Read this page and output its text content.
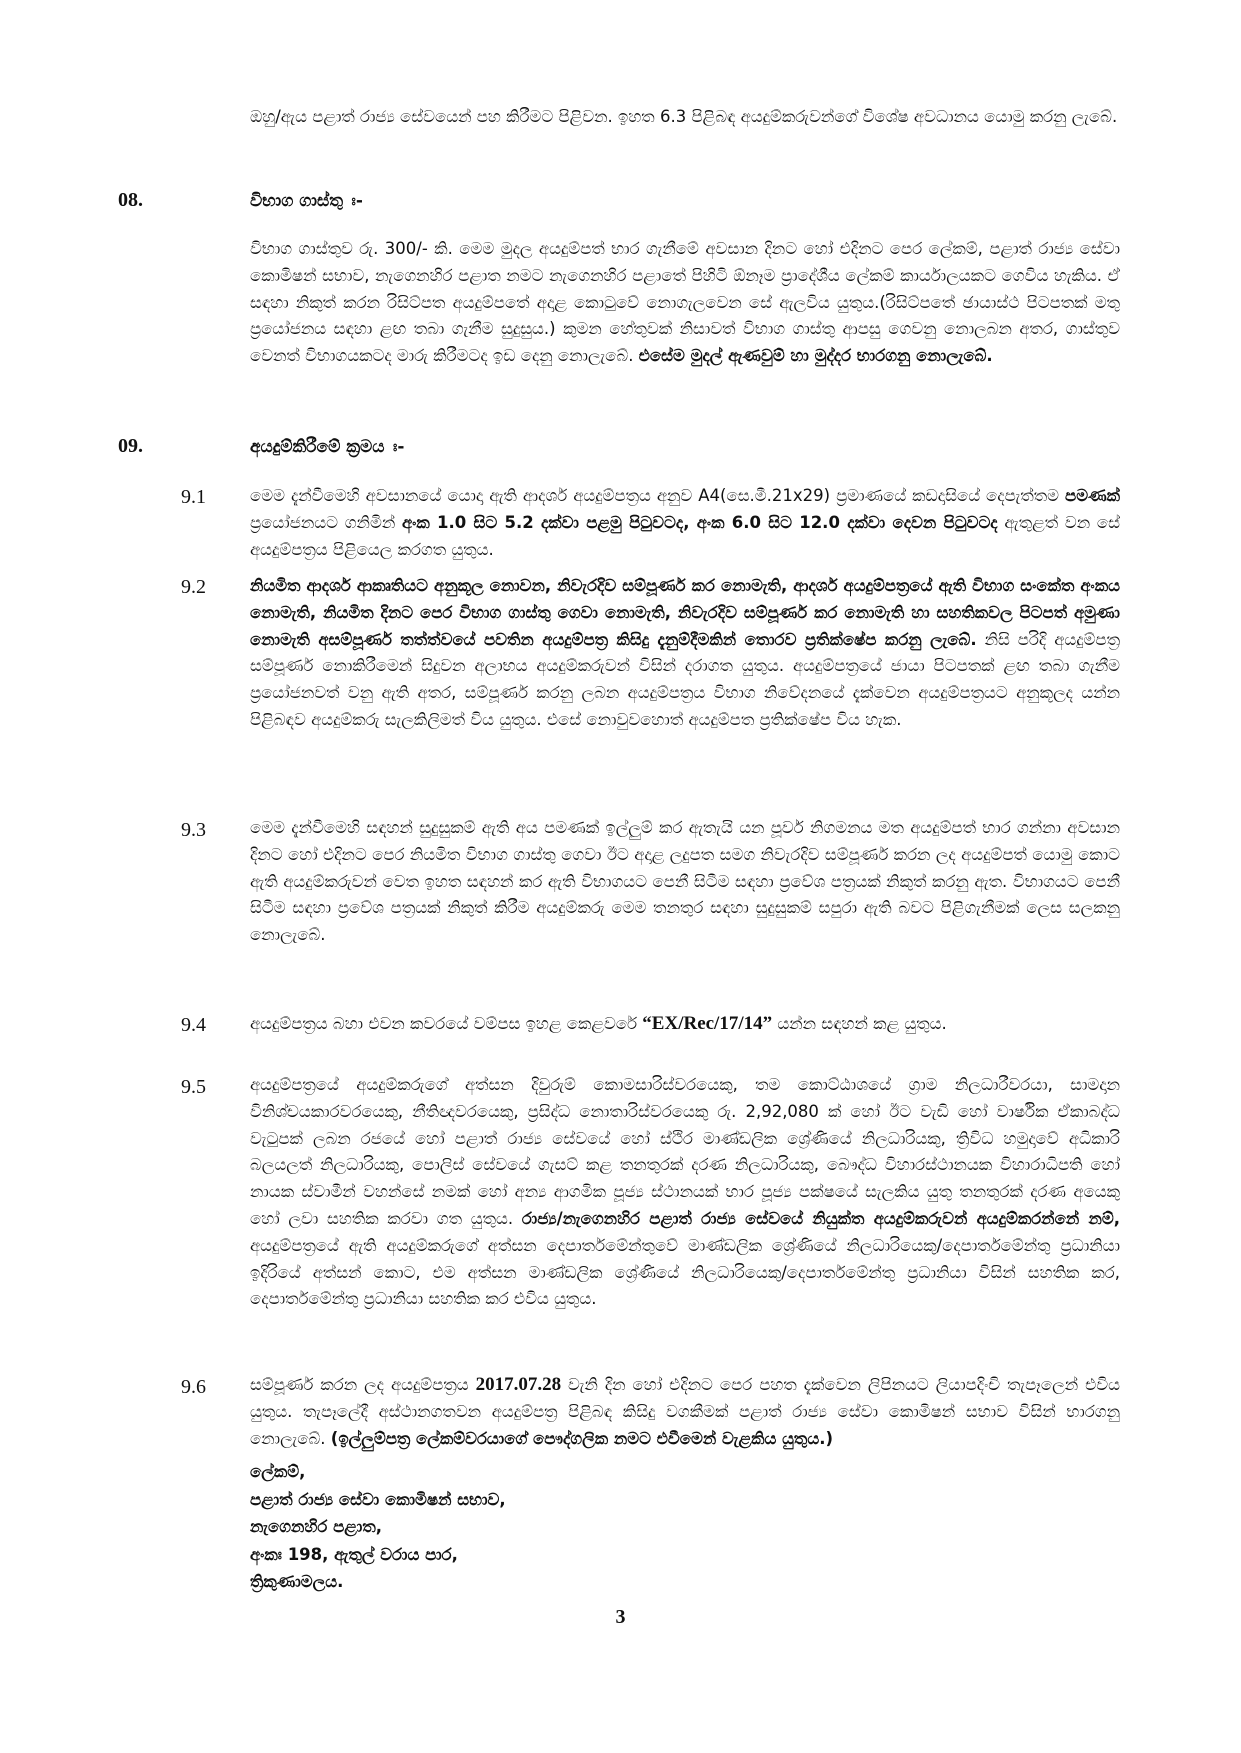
ඔහු/ඇය පළාත් රාජ්‍ය සේවයෙන් පහ කිරීමට පිළිවන. ඉහත 6.3 පිළිබඳ අයදුම්කරුවන්ගේ විශේෂ අවධානය යොමු කරනු ලැබේ.

08.	විභාග ගාස්තු ඃ-

විභාග ගාස්තුව රු. 300/- කි. මෙම මුදල අයදුම්පත් භාර ගැනීමේ අවසාන දිනට හෝ එදිනට පෙර ලේකම්, පළාත් රාජ්‍ය සේවා කොමිෂන් සභාව, නැගෙනහිර පළාත නමට නැගෙනහිර පළාතේ පිහිටි ඕනෑම ප්‍රාදේශීය ලේකම් කාර්යාලයකට ගෙවිය හැකිය. ඒ සඳහා නිකුත් කරන රිසිට්පත අයදුම්පතේ අදාළ කොටුවේ නොගැලවෙන සේ ඇලවිය යුතුය.(රිසිට්පතේ ඡායාස්ථ පිටපතක් මතු ප්‍රයෝජනය සඳහා ළඟ තබා ගැනීම සුදුසුය.) කුමන හේතුවක් නිසාවත් විභාග ගාස්තු ආපසු ගෙවනු නොලබන අතර, ගාස්තුව වෙනත් විභාගයකටද මාරු කිරීමටද ඉඩ දෙනු නොලැබේ. එසේම මුදල් ඇණවුම් හා මුද්දර භාරගනු නොලැබේ.

09.	අයදුම්කිරීමේ ක්‍රමය ඃ-

9.1	මෙම දැන්වීමෙහි අවසානයේ යොදා ඇති ආදර්ශ අයදුම්පත්‍රය අනුව A4(සෙ.මී.21x29) ප්‍රමාණයේ කඩදාසියේ දෙපැත්තම පමණක් ප්‍රයෝජනයට ගනිමින් අංක 1.0 සිට 5.2 දක්වා පළමු පිටුවටද, අංක 6.0 සිට 12.0 දක්වා දෙවන පිටුවටද ඇතුළත් වන සේ අයදුම්පත්‍රය පිළියෙල කරගත යුතුය.

9.2	නියමිත ආදර්ශ ආකෘතියට අනුකූල නොවන, නිවැරදිව සම්පූර්ණ කර නොමැති, ආදර්ශ අයදුම්පත්‍රයේ ඇති විභාග සංකේත අංකය නොමැති, නියමිත දිනට පෙර විභාග ගාස්තු ගෙවා නොමැති, නිවැරදිව සම්පූර්ණ කර නොමැති හා සහතිකවල පිටපත් අමුණා නොමැති අසම්පූර්ණ තත්ත්වයේ පවතින අයදුම්පත්‍ර කිසිදු දැනුම්දීමකින් තොරව ප්‍රතික්ෂේප කරනු ලැබේ. නිසි පරිදි අයදුම්පත්‍ර සම්පූර්ණ නොකිරීමෙන් සිදුවන අලාභය අයදුම්කරුවන් විසින් දරාගත යුතුය. අයදුම්පත්‍රයේ ජායා පිටපතක් ළඟ තබා ගැනීම ප්‍රයෝජනවත් වනු ඇති අතර, සම්පූර්ණ කරනු ලබන අයදුම්පත්‍රය විභාග නිවේදනයේ දැක්වෙන අයදුම්පත්‍රයට අනුකූලද යන්න පිළිබඳව අයදුම්කරු සැලකිලිමත් විය යුතුය. එසේ නොවුවහොත් අයදුම්පත ප්‍රතික්ෂේප විය හැක.

9.3	මෙම දැන්වීමෙහි සඳහන් සුදුසුකම් ඇති අය පමණක් ඉල්ලුම් කර ඇතැයි යන පූර්ව නිගමනය මත අයදුම්පත් භාර ගන්නා අවසාන දිනට හෝ එදිනට පෙර නියමිත විභාග ගාස්තු ගෙවා ඊට අදාළ ලදුපත සමග නිවැරදිව සම්පූර්ණ කරන ලද අයදුම්පත් යොමු කොට ඇති අයදුම්කරුවන් වෙත ඉහත සඳහන් කර ඇති විභාගයට පෙනී සිටීම සඳහා ප්‍රවේශ පත්‍රයක් නිකුත් කරනු ඇත. විභාගයට පෙනී සිටීම සඳහා ප්‍රවේශ පත්‍රයක් නිකුත් කිරීම අයදුම්කරු මෙම තනතුර සඳහා සුදුසුකම් සපුරා ඇති බවට පිළිගැනීමක් ලෙස සලකනු නොලැබේ.

9.4	අයදුම්පත්‍රය බහා එවන කවරයේ වම්පස ඉහළ කෙළවරේ “EX/Rec/17/14” යන්න සඳහන් කළ යුතුය.

9.5	අයදුම්පත්‍රයේ අයදුම්කරුගේ අත්සන දිවුරුම් කොමසාරිස්වරයෙකු, තම කොට්ඨාශයේ ග්‍රාම නිලධාරීවරයා, සාමදාන විනිශ්චයකාරවරයෙකු, නීතිඥවරයෙකු, ප්‍රසිද්ධ නොතාරිස්වරයෙකු රු. 2,92,080 ක් හෝ ඊට වැඩි හෝ වාර්ෂික ඒකාබද්ධ වැටුපක් ලබන රජයේ හෝ පළාත් රාජ්‍ය සේවයේ හෝ ස්ථිර මාණ්ඩලික ශ්‍රේණියේ නිලධාරියකු, ත්‍රිවිධ හමුදාවේ අධිකාරි බලයලත් නිලධාරියකු, පොලිස් සේවයේ ගැසට් කළ තනතුරක් දරණ නිලධාරියකු, බෞද්ධ විහාරස්ථානයක විහාරාධිපති හෝ නායක ස්වාමීන් වහන්සේ නමක් හෝ අන්‍ය ආගමික පූජ්‍ය ස්ථානයක් භාර පූජ්‍ය පක්ෂයේ සැලකිය යුතු තනතුරක් දරණ අයෙකු හෝ ලවා සහතික කරවා ගත යුතුය. රාජ්‍ය/නැගෙනහිර පළාත් රාජ්‍ය සේවයේ නියුක්ත අයදුම්කරුවන් අයදුම්කරන්නේ නම්, අයදුම්පත්‍රයේ ඇති අයදුම්කරුගේ අත්සන දෙපාර්තමේන්තුවේ මාණ්ඩලික ශ්‍රේණියේ නිලධාරියෙකු/දෙපාර්තමේන්තු ප්‍රධානියා ඉදිරියේ අත්සන් කොට, එම අත්සන මාණ්ඩලික ශ්‍රේණියේ නිලධාරියෙකු/දෙපාර්තමේන්තු ප්‍රධානියා විසින් සහතික කර, දෙපාර්තමේන්තු ප්‍රධානියා සහතික කර එවිය යුතුය.

9.6	සම්පූර්ණ කරන ලද අයදුම්පත්‍රය 2017.07.28 වැනි දින හෝ එදිනට පෙර පහත දැක්වෙන ලිපිනයට ලියාපදිංචි තැපෑලෙන් එවිය යුතුය. තැපෑලේදී අස්ථානගතවන අයදුම්පත්‍ර පිළිබඳ කිසිදු වගකීමක් පළාත් රාජ්‍ය සේවා කොමිෂන් සභාව විසින් භාරගනු නොලැබේ. (ඉල්ලුම්පත්‍ර ලේකම්වරයාගේ පෞද්ගලික නමට එවීමෙන් වැළකිය යුතුය.)

ලේකම්,
පළාත් රාජ්‍ය සේවා කොමිෂන් සභාව,
නැගෙනහිර පළාත,
අංකඃ 198, ඇතුල් වරාය පාර,
ත්‍රිකුණාමලය.
3
